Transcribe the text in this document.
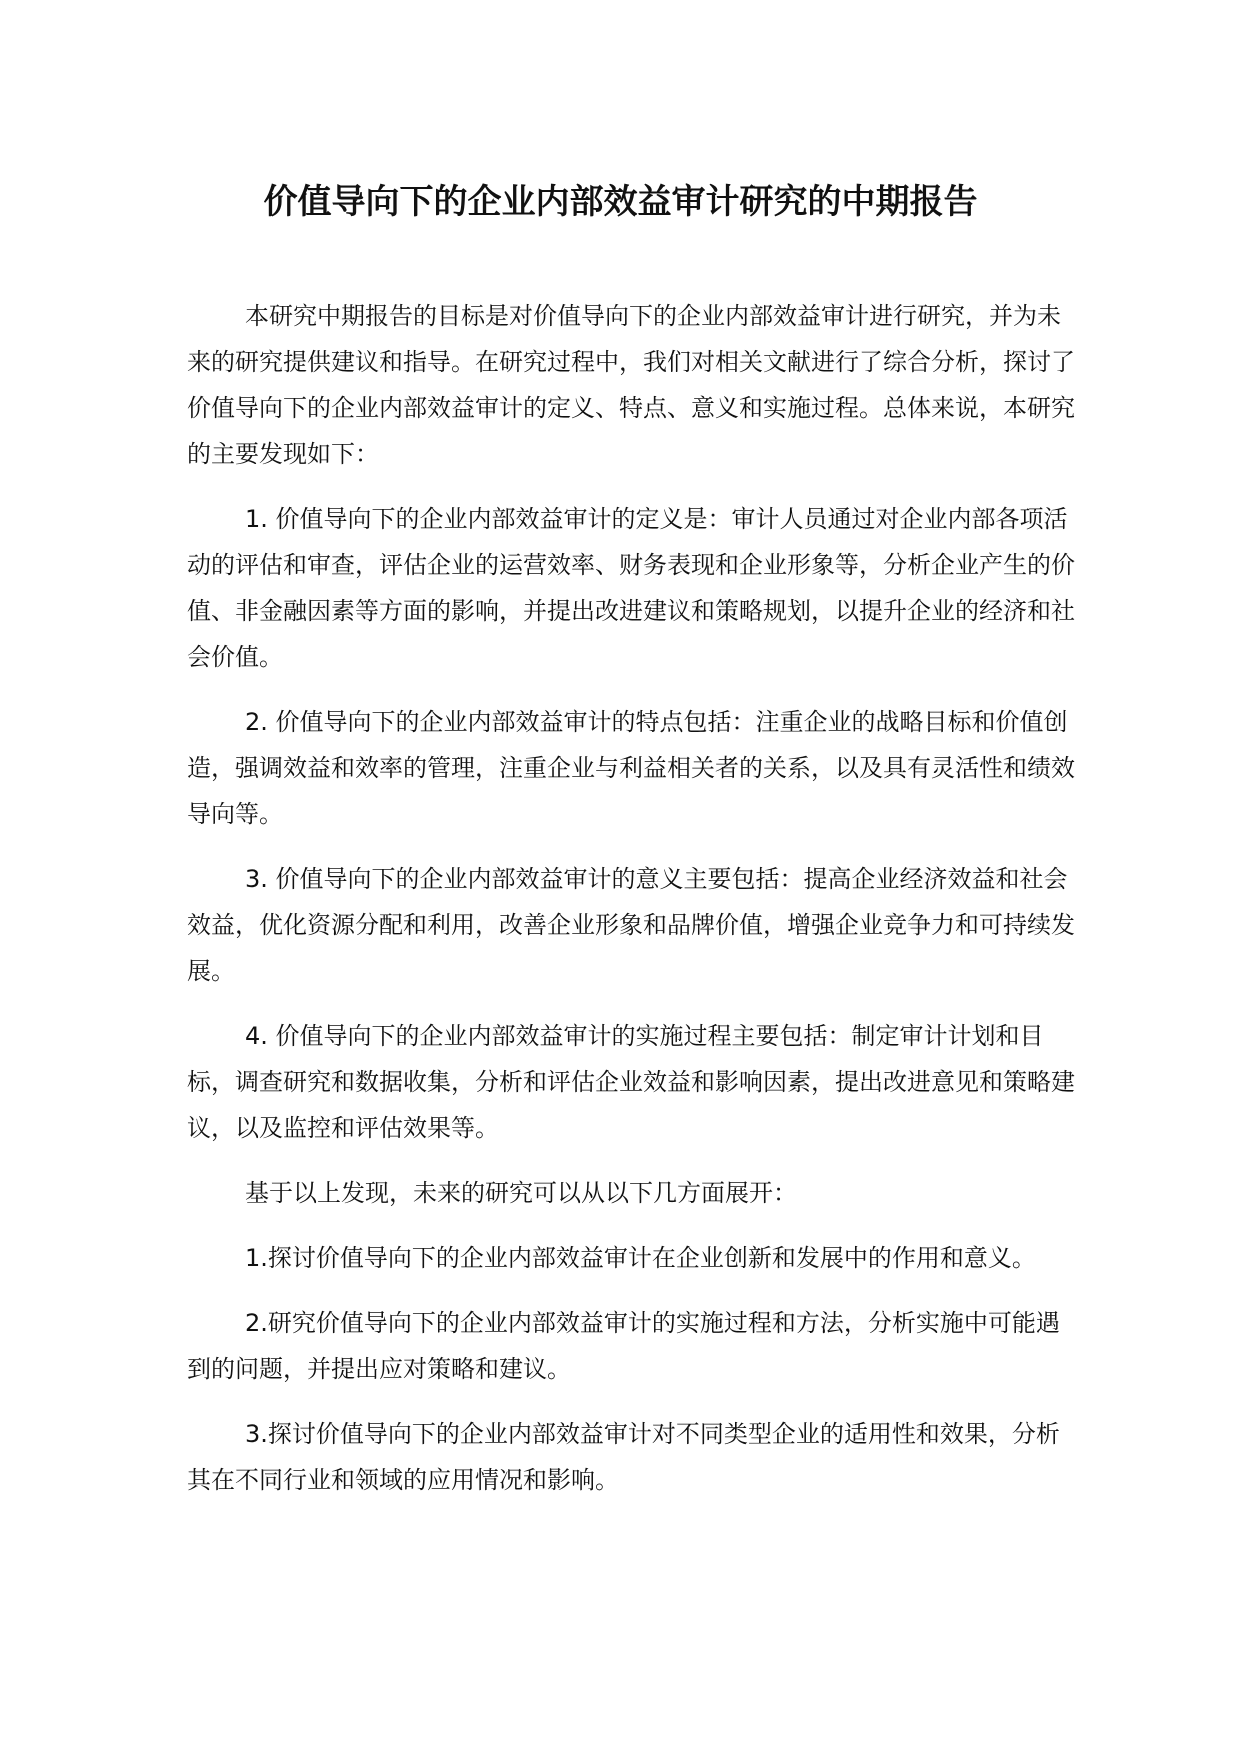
价值导向下的企业内部效益审计研究的中期报告

本研究中期报告的目标是对价值导向下的企业内部效益审计进行研究，并为未来的研究提供建议和指导。在研究过程中，我们对相关文献进行了综合分析，探讨了价值导向下的企业内部效益审计的定义、特点、意义和实施过程。总体来说，本研究的主要发现如下：

1. 价值导向下的企业内部效益审计的定义是：审计人员通过对企业内部各项活动的评估和审查，评估企业的运营效率、财务表现和企业形象等，分析企业产生的价值、非金融因素等方面的影响，并提出改进建议和策略规划，以提升企业的经济和社会价值。

2. 价值导向下的企业内部效益审计的特点包括：注重企业的战略目标和价值创造，强调效益和效率的管理，注重企业与利益相关者的关系，以及具有灵活性和绩效导向等。

3. 价值导向下的企业内部效益审计的意义主要包括：提高企业经济效益和社会效益，优化资源分配和利用，改善企业形象和品牌价值，增强企业竞争力和可持续发展。

4. 价值导向下的企业内部效益审计的实施过程主要包括：制定审计计划和目标，调查研究和数据收集，分析和评估企业效益和影响因素，提出改进意见和策略建议，以及监控和评估效果等。

基于以上发现，未来的研究可以从以下几方面展开：

1.探讨价值导向下的企业内部效益审计在企业创新和发展中的作用和意义。

2.研究价值导向下的企业内部效益审计的实施过程和方法，分析实施中可能遇到的问题，并提出应对策略和建议。

3.探讨价值导向下的企业内部效益审计对不同类型企业的适用性和效果，分析其在不同行业和领域的应用情况和影响。
